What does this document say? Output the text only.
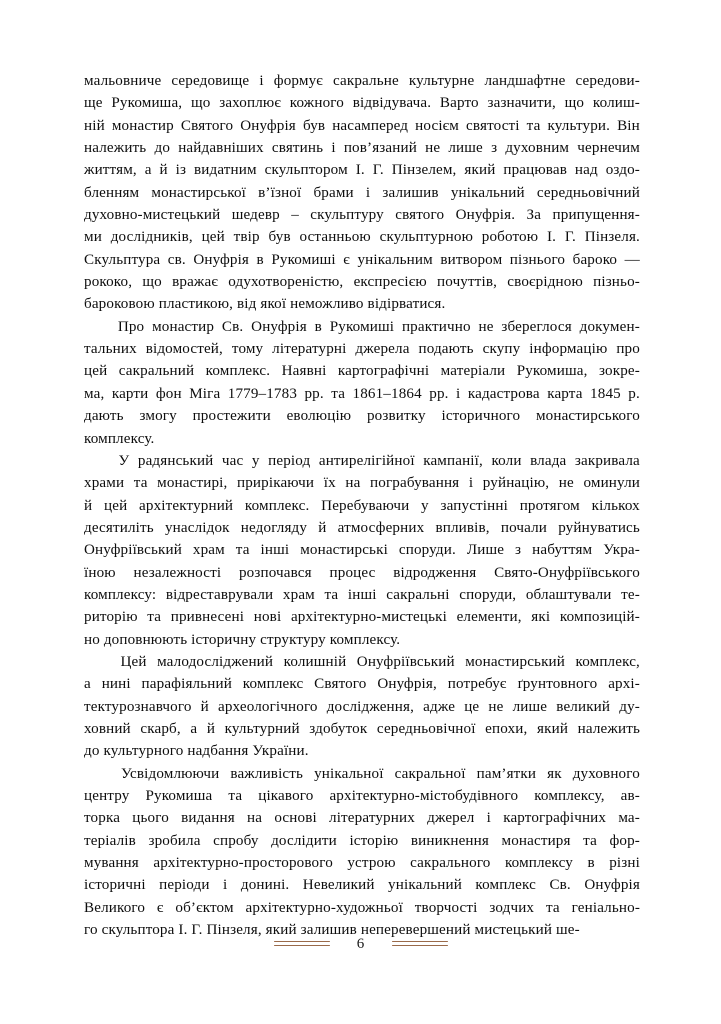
мальовниче середовище і формує сакральне культурне ландшафтне середови-
ще Рукомиша, що захоплює кожного відвідувача. Варто зазначити, що колиш-
ній монастир Святого Онуфрія був насамперед носієм святості та культури. Він
належить до найдавніших святинь і пов’язаний не лише з духовним чернечим
життям, а й із видатним скульптором І. Г. Пінзелем, який працював над оздо-
бленням монастирської в’їзної брами і залишив унікальний середньовічний
духовно-мистецький шедевр – скульптуру святого Онуфрія. За припущення-
ми дослідників, цей твір був останньою скульптурною роботою І. Г. Пінзеля.
Скульптура св. Онуфрія в Рукомиші є унікальним витвором пізнього бароко —
рококо, що вражає одухотвореністю, експресією почуттів, своєрідною пізньо-
бароковою пластикою, від якої неможливо відірватися.
Про монастир Св. Онуфрія в Рукомиші практично не збереглося докумен-
тальних відомостей, тому літературні джерела подають скупу інформацію про
цей сакральний комплекс. Наявні картографічні матеріали Рукомиша, зокре-
ма, карти фон Міга 1779–1783 рр. та 1861–1864 рр. і кадастрова карта 1845 р.
дають змогу простежити еволюцію розвитку історичного монастирського
комплексу.
У радянський час у період антирелігійної кампанії, коли влада закривала
храми та монастирі, прирікаючи їх на пограбування і руйнацію, не оминули
й цей архітектурний комплекс. Перебуваючи у запустінні протягом кількох
десятиліть унаслідок недогляду й атмосферних впливів, почали руйнуватись
Онуфріївський храм та інші монастирські споруди. Лише з набуттям Укра-
їною незалежності розпочався процес відродження Свято-Онуфріївського
комплексу: відреставрували храм та інші сакральні споруди, облаштували те-
риторію та привнесені нові архітектурно-мистецькі елементи, які композицій-
но доповнюють історичну структуру комплексу.
Цей малодосліджений колишній Онуфріївський монастирський комплекс,
а нині парафіяльний комплекс Святого Онуфрія, потребує ґрунтовного архі-
тектурознавчого й археологічного дослідження, адже це не лише великий ду-
ховний скарб, а й культурний здобуток середньовічної епохи, який належить
до культурного надбання України.
Усвідомлюючи важливість унікальної сакральної пам’ятки як духовного
центру Рукомиша та цікавого архітектурно-містобудівного комплексу, ав-
торка цього видання на основі літературних джерел і картографічних ма-
теріалів зробила спробу дослідити історію виникнення монастиря та фор-
мування архітектурно-просторового устрою сакрального комплексу в різні
історичні періоди і донині. Невеликий унікальний комплекс Св. Онуфрія
Великого є об’єктом архітектурно-художньої творчості зодчих та геніально-
го скульптора І. Г. Пінзеля, який залишив неперевершений мистецький ше-
6
